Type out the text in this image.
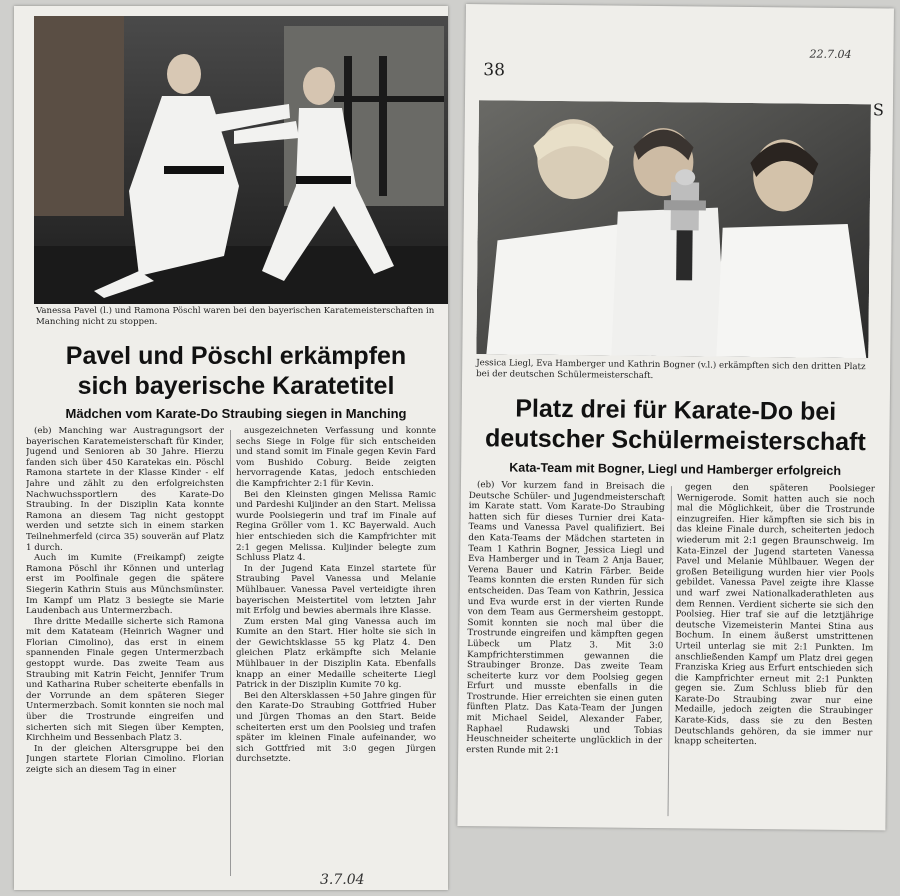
Vanessa Pavel (l.) und Ramona Pöschl waren bei den bayerischen Karatemeisterschaften in Manching nicht zu stoppen.
Pavel und Pöschl erkämpfen
sich bayerische Karatetitel
Mädchen vom Karate-Do Straubing siegen in Manching

(eb) Manching war Austragungsort der bayerischen Karatemeisterschaft für Kinder, Jugend und Senioren ab 30 Jahre. Hierzu fanden sich über 450 Karatekas ein. Pöschl Ramona startete in der Klasse Kinder - elf Jahre und zählt zu den erfolgreichsten Nachwuchssportlern des Karate-Do Straubing. In der Disziplin Kata konnte Ramona an diesem Tag nicht gestoppt werden und setzte sich in einem starken Teilnehmerfeld (circa 35) souverän auf Platz 1 durch.

Auch im Kumite (Freikampf) zeigte Ramona Pöschl ihr Können und unterlag erst im Poolfinale gegen die spätere Siegerin Kathrin Stuis aus Münchsmünster. Im Kampf um Platz 3 besiegte sie Marie Laudenbach aus Untermerzbach.

Ihre dritte Medaille sicherte sich Ramona mit dem Katateam (Heinrich Wagner und Florian Cimolino), das erst in einem spannenden Finale gegen Untermerzbach gestoppt wurde. Das zweite Team aus Straubing mit Katrin Feicht, Jennifer Trum und Katharina Ruber scheiterte ebenfalls in der Vorrunde an dem späteren Sieger Untermerzbach. Somit konnten sie noch mal über die Trostrunde eingreifen und sicherten sich mit Siegen über Kempten, Kirchheim und Bessenbach Platz 3.

In der gleichen Altersgruppe bei den Jungen startete Florian Cimolino. Florian zeigte sich an diesem Tag in einer

ausgezeichneten Verfassung und konnte sechs Siege in Folge für sich entscheiden und stand somit im Finale gegen Kevin Fard vom Bushido Coburg. Beide zeigten hervorragende Katas, jedoch entschieden die Kampfrichter 2:1 für Kevin.

Bei den Kleinsten gingen Melissa Ramic und Pardeshi Kuljinder an den Start. Melissa wurde Poolsiegerin und traf im Finale auf Regina Gröller vom 1. KC Bayerwald. Auch hier entschieden sich die Kampfrichter mit 2:1 gegen Melissa. Kuljinder belegte zum Schluss Platz 4.

In der Jugend Kata Einzel startete für Straubing Pavel Vanessa und Melanie Mühlbauer. Vanessa Pavel verteidigte ihren bayerischen Meistertitel vom letzten Jahr mit Erfolg und bewies abermals ihre Klasse.

Zum ersten Mal ging Vanessa auch im Kumite an den Start. Hier holte sie sich in der Gewichtsklasse 55 kg Platz 4. Den gleichen Platz erkämpfte sich Melanie Mühlbauer in der Disziplin Kata. Ebenfalls knapp an einer Medaille scheiterte Liegl Patrick in der Disziplin Kumite 70 kg.

Bei den Altersklassen +50 Jahre gingen für den Karate-Do Straubing Gottfried Huber und Jürgen Thomas an den Start. Beide scheiterten erst um den Poolsieg und trafen später im kleinen Finale aufeinander, wo sich Gottfried mit 3:0 gegen Jürgen durchsetzte.

3.7.04
38
22.7.04
S
Jessica Liegl, Eva Hamberger und Kathrin Bogner (v.l.) erkämpften sich den dritten Platz bei der deutschen Schülermeisterschaft.
Platz drei für Karate-Do bei
deutscher Schülermeisterschaft
Kata-Team mit Bogner, Liegl und Hamberger erfolgreich

(eb) Vor kurzem fand in Breisach die Deutsche Schüler- und Jugendmeisterschaft im Karate statt. Vom Karate-Do Straubing hatten sich für dieses Turnier drei Kata-Teams und Vanessa Pavel qualifiziert. Bei den Kata-Teams der Mädchen starteten in Team 1 Kathrin Bogner, Jessica Liegl und Eva Hamberger und in Team 2 Anja Bauer, Verena Bauer und Katrin Färber. Beide Teams konnten die ersten Runden für sich entscheiden. Das Team von Kathrin, Jessica und Eva wurde erst in der vierten Runde von dem Team aus Germersheim gestoppt. Somit konnten sie noch mal über die Trostrunde eingreifen und kämpften gegen Lübeck um Platz 3. Mit 3:0 Kampfrichterstimmen gewannen die Straubinger Bronze. Das zweite Team scheiterte kurz vor dem Poolsieg gegen Erfurt und musste ebenfalls in die Trostrunde. Hier erreichten sie einen guten fünften Platz. Das Kata-Team der Jungen mit Michael Seidel, Alexander Faber, Raphael Rudawski und Tobias Heuschneider scheiterte unglücklich in der ersten Runde mit 2:1

gegen den späteren Poolsieger Wernigerode. Somit hatten auch sie noch mal die Möglichkeit, über die Trostrunde einzugreifen. Hier kämpften sie sich bis in das kleine Finale durch, scheiterten jedoch wiederum mit 2:1 gegen Braunschweig. Im Kata-Einzel der Jugend starteten Vanessa Pavel und Melanie Mühlbauer. Wegen der großen Beteiligung wurden hier vier Pools gebildet. Vanessa Pavel zeigte ihre Klasse und warf zwei Nationalkaderathleten aus dem Rennen. Verdient sicherte sie sich den Poolsieg. Hier traf sie auf die letztjährige deutsche Vizemeisterin Mantei Stina aus Bochum. In einem äußerst umstrittenen Urteil unterlag sie mit 2:1 Punkten. Im anschließenden Kampf um Platz drei gegen Franziska Krieg aus Erfurt entschieden sich die Kampfrichter erneut mit 2:1 Punkten gegen sie. Zum Schluss blieb für den Karate-Do Straubing zwar nur eine Medaille, jedoch zeigten die Straubinger Karate-Kids, dass sie zu den Besten Deutschlands gehören, da sie immer nur knapp scheiterten.
